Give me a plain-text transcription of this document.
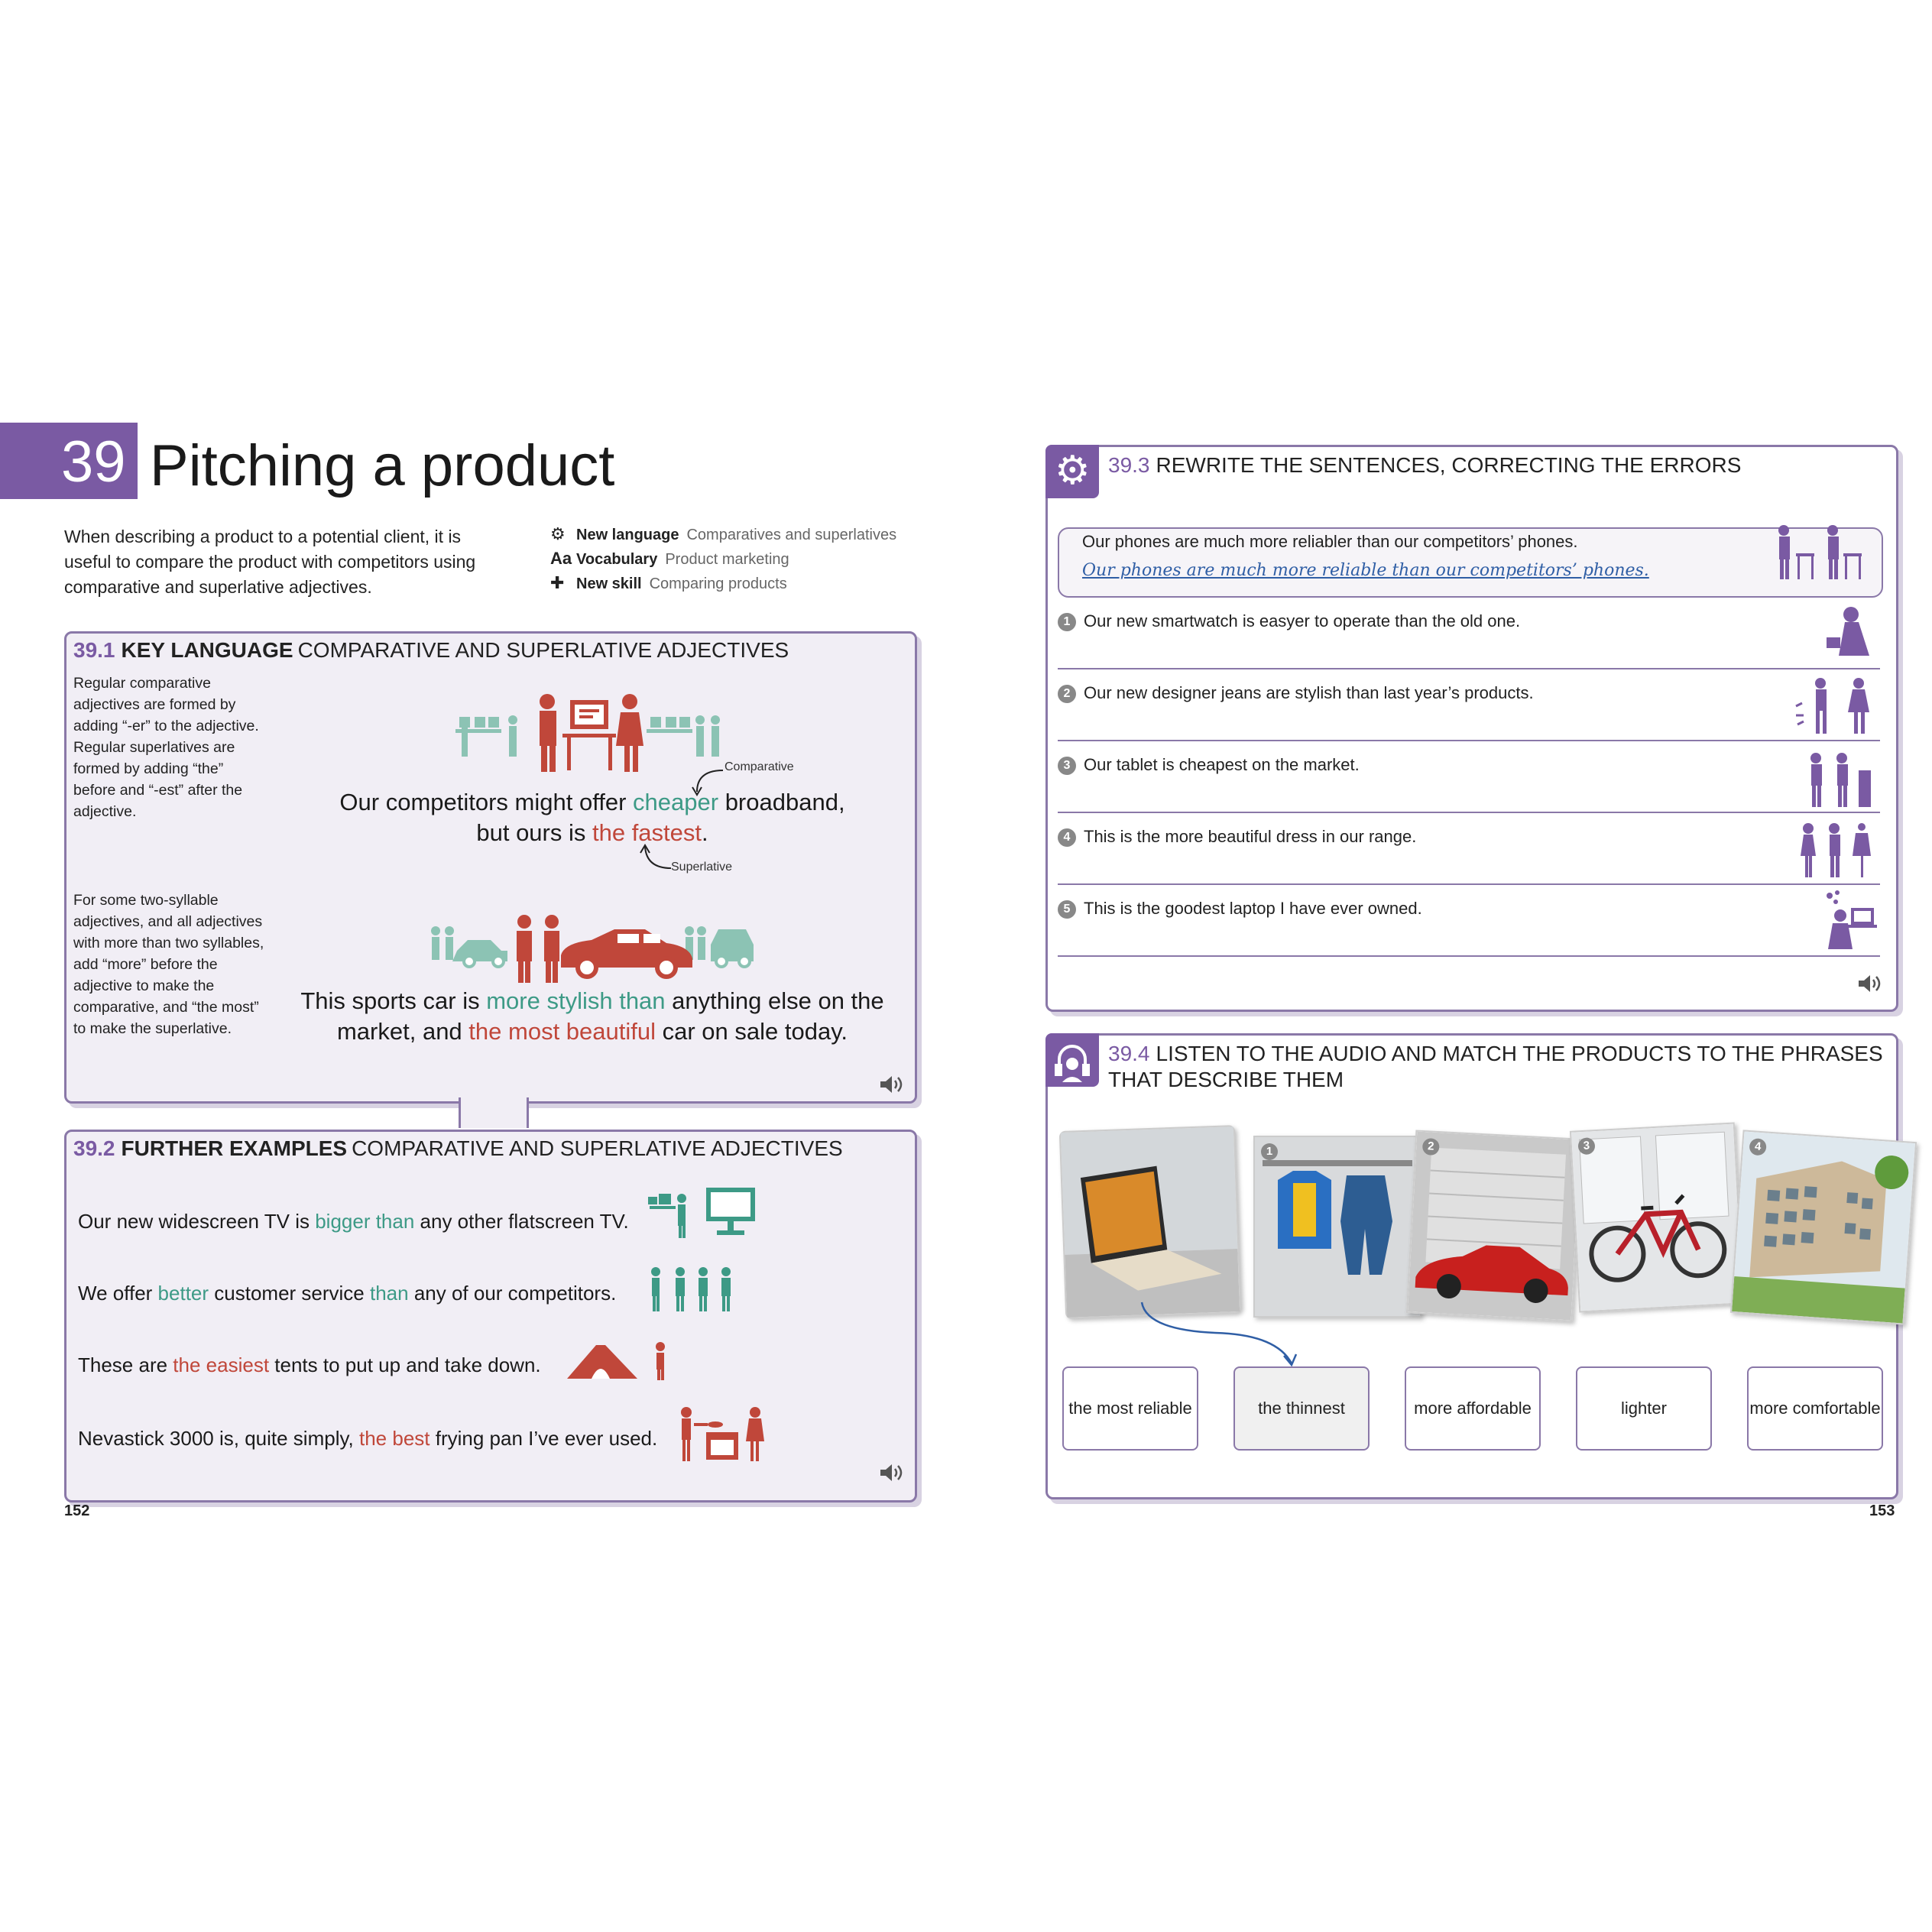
39 Pitching a product
When describing a product to a potential client, it is useful to compare the product with competitors using comparative and superlative adjectives.
⚙ New language Comparatives and superlatives
Aa Vocabulary Product marketing
✚ New skill Comparing products
39.1 KEY LANGUAGE COMPARATIVE AND SUPERLATIVE ADJECTIVES
Regular comparative adjectives are formed by adding “-er” to the adjective. Regular superlatives are formed by adding “the” before and “-est” after the adjective.
For some two-syllable adjectives, and all adjectives with more than two syllables, add “more” before the adjective to make the comparative, and “the most” to make the superlative.
Comparative
Our competitors might offer cheaper broadband,
but ours is the fastest.
Superlative
This sports car is more stylish than anything else on the
market, and the most beautiful car on sale today.
39.2 FURTHER EXAMPLES COMPARATIVE AND SUPERLATIVE ADJECTIVES
Our new widescreen TV is bigger than any other flatscreen TV.
We offer better customer service than any of our competitors.
These are the easiest tents to put up and take down.
Nevastick 3000 is, quite simply, the best frying pan I’ve ever used.
152
⚙ 39.3 REWRITE THE SENTENCES, CORRECTING THE ERRORS
Our phones are much more reliabler than our competitors’ phones.
Our phones are much more reliable than our competitors’ phones.
1 Our new smartwatch is easyer to operate than the old one.
2 Our new designer jeans are stylish than last year’s products.
3 Our tablet is cheapest on the market.
4 This is the more beautiful dress in our range.
5 This is the goodest laptop I have ever owned.
39.4 LISTEN TO THE AUDIO AND MATCH THE PRODUCTS TO THE PHRASES
THAT DESCRIBE THEM
1	2	3	4
the most reliable	the thinnest	more affordable	lighter	more comfortable
153
